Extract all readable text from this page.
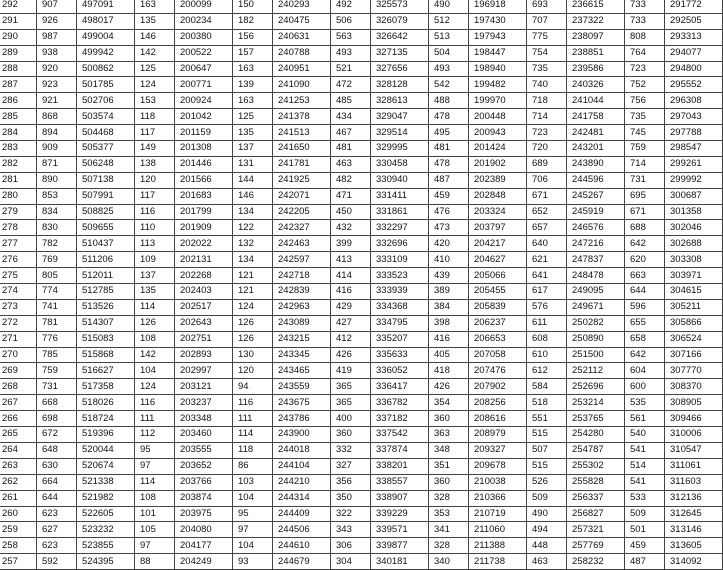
292	907	497091	163	200099	150	240293	492	325573	490	196918	693	236615	733	291772
291	926	498017	135	200234	182	240475	506	326079	512	197430	707	237322	733	292505
290	987	499004	146	200380	156	240631	563	326642	513	197943	775	238097	808	293313
289	938	499942	142	200522	157	240788	493	327135	504	198447	754	238851	764	294077
288	920	500862	125	200647	163	240951	521	327656	493	198940	735	239586	723	294800
287	923	501785	124	200771	139	241090	472	328128	542	199482	740	240326	752	295552
286	921	502706	153	200924	163	241253	485	328613	488	199970	718	241044	756	296308
285	868	503574	118	201042	125	241378	434	329047	478	200448	714	241758	735	297043
284	894	504468	117	201159	135	241513	467	329514	495	200943	723	242481	745	297788
283	909	505377	149	201308	137	241650	481	329995	481	201424	720	243201	759	298547
282	871	506248	138	201446	131	241781	463	330458	478	201902	689	243890	714	299261
281	890	507138	120	201566	144	241925	482	330940	487	202389	706	244596	731	299992
280	853	507991	117	201683	146	242071	471	331411	459	202848	671	245267	695	300687
279	834	508825	116	201799	134	242205	450	331861	476	203324	652	245919	671	301358
278	830	509655	110	201909	122	242327	432	332297	473	203797	657	246576	688	302046
277	782	510437	113	202022	132	242463	399	332696	420	204217	640	247216	642	302688
276	769	511206	109	202131	134	242597	413	333109	410	204627	621	247837	620	303308
275	805	512011	137	202268	121	242718	414	333523	439	205066	641	248478	663	303971
274	774	512785	135	202403	121	242839	416	333939	389	205455	617	249095	644	304615
273	741	513526	114	202517	124	242963	429	334368	384	205839	576	249671	596	305211
272	781	514307	126	202643	126	243089	427	334795	398	206237	611	250282	655	305866
271	776	515083	108	202751	126	243215	412	335207	416	206653	608	250890	658	306524
270	785	515868	142	202893	130	243345	426	335633	405	207058	610	251500	642	307166
269	759	516627	104	202997	120	243465	419	336052	418	207476	612	252112	604	307770
268	731	517358	124	203121	94	243559	365	336417	426	207902	584	252696	600	308370
267	668	518026	116	203237	116	243675	365	336782	354	208256	518	253214	535	308905
266	698	518724	111	203348	111	243786	400	337182	360	208616	551	253765	561	309466
265	672	519396	112	203460	114	243900	360	337542	363	208979	515	254280	540	310006
264	648	520044	95	203555	118	244018	332	337874	348	209327	507	254787	541	310547
263	630	520674	97	203652	86	244104	327	338201	351	209678	515	255302	514	311061
262	664	521338	114	203766	103	244210	356	338557	360	210038	526	255828	541	311603
261	644	521982	108	203874	104	244314	350	338907	328	210366	509	256337	533	312136
260	623	522605	101	203975	95	244409	322	339229	353	210719	490	256827	509	312645
259	627	523232	105	204080	97	244506	343	339571	341	211060	494	257321	501	313146
258	623	523855	97	204177	104	244610	306	339877	328	211388	448	257769	459	313605
257	592	524395	88	204249	93	244679	304	340181	340	211738	463	258232	487	314092
